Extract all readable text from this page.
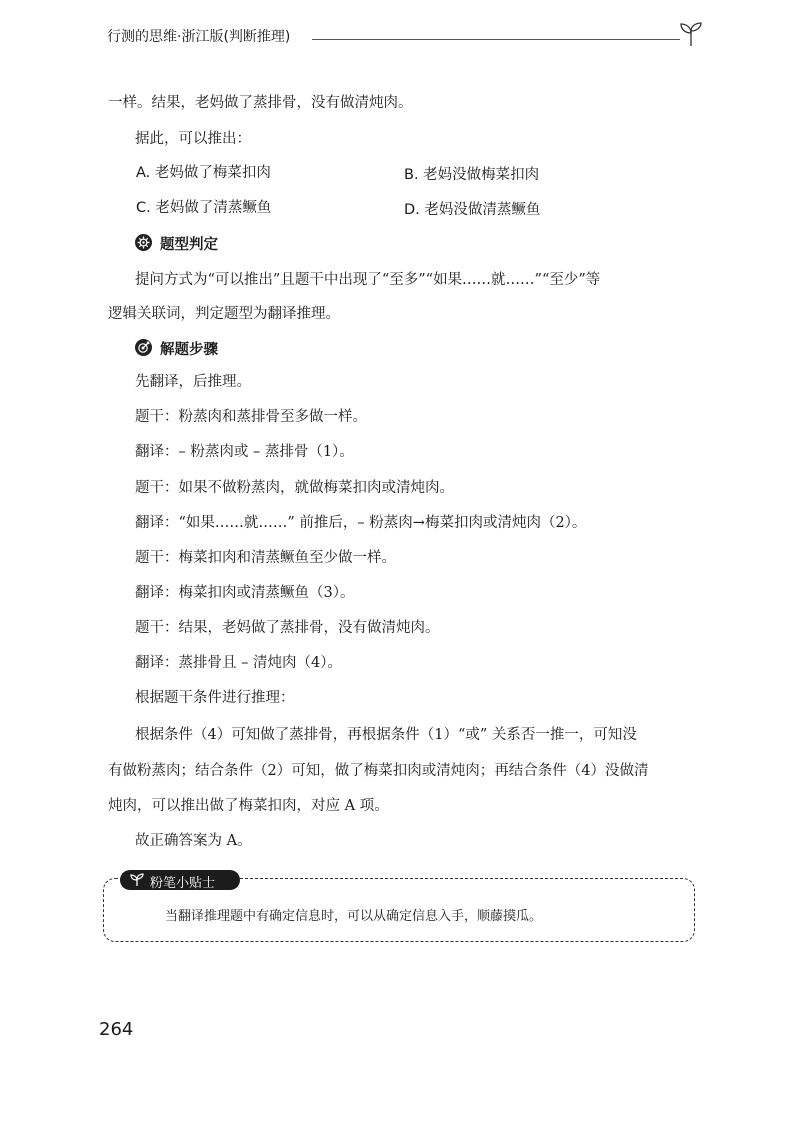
行测的思维·浙江版(判断推理)
一样。结果，老妈做了蒸排骨，没有做清炖肉。
据此，可以推出：
A. 老妈做了梅菜扣肉	B. 老妈没做梅菜扣肉
C. 老妈做了清蒸鳜鱼	D. 老妈没做清蒸鳜鱼
题型判定
提问方式为“可以推出”且题干中出现了“至多”“如果……就……”“至少”等
逻辑关联词，判定题型为翻译推理。
解题步骤
先翻译，后推理。
题干：粉蒸肉和蒸排骨至多做一样。
翻译：– 粉蒸肉或 – 蒸排骨（1）。
题干：如果不做粉蒸肉，就做梅菜扣肉或清炖肉。
翻译：“如果……就……” 前推后，– 粉蒸肉→梅菜扣肉或清炖肉（2）。
题干：梅菜扣肉和清蒸鳜鱼至少做一样。
翻译：梅菜扣肉或清蒸鳜鱼（3）。
题干：结果，老妈做了蒸排骨，没有做清炖肉。
翻译：蒸排骨且 – 清炖肉（4）。
根据题干条件进行推理：
根据条件（4）可知做了蒸排骨，再根据条件（1）“或” 关系否一推一，可知没
有做粉蒸肉；结合条件（2）可知，做了梅菜扣肉或清炖肉；再结合条件（4）没做清
炖肉，可以推出做了梅菜扣肉，对应 A 项。
故正确答案为 A。
粉笔小贴士
当翻译推理题中有确定信息时，可以从确定信息入手，顺藤摸瓜。
264
